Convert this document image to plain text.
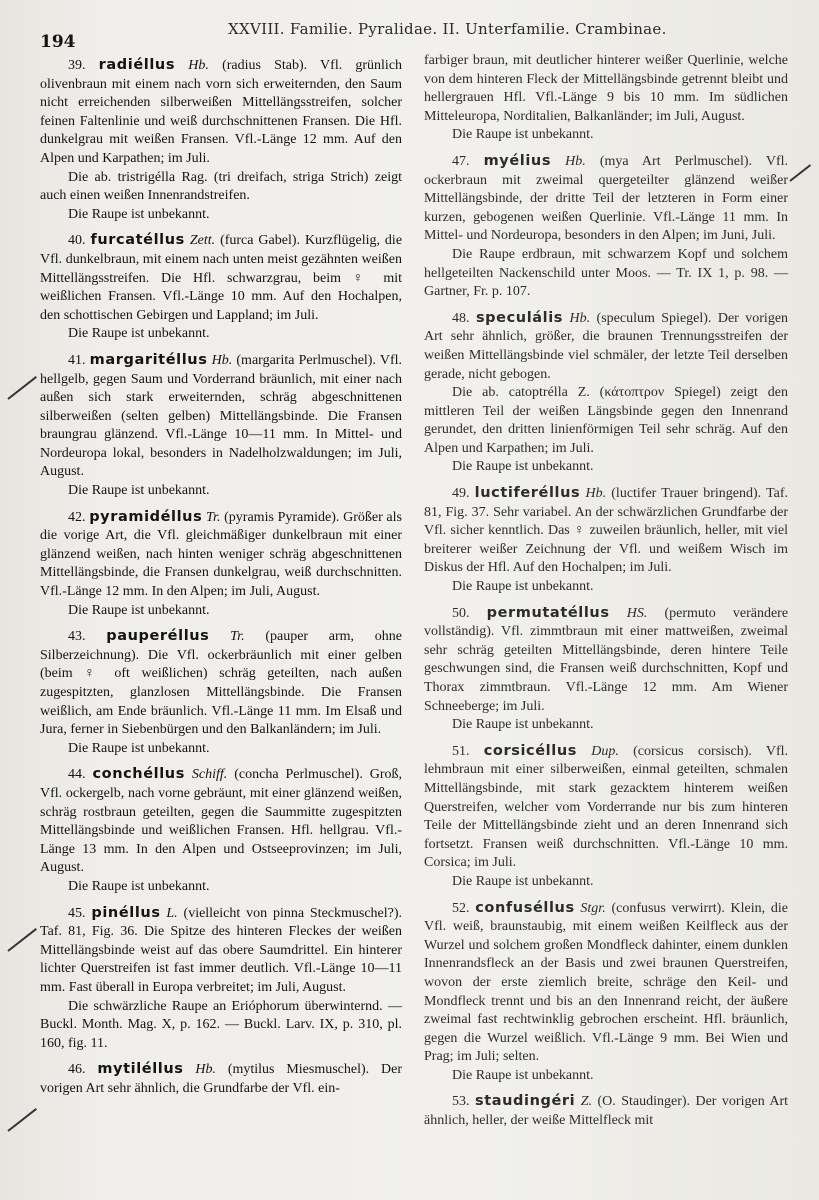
194
XXVIII. Familie. Pyralidae. II. Unterfamilie. Crambinae.

39. radiéllus Hb. (radius Stab). Vfl. grünlich olivenbraun mit einem nach vorn sich erweiternden, den Saum nicht erreichenden silberweißen Mittellängsstreifen, solcher feinen Faltenlinie und weiß durchschnittenen Fransen. Die Hfl. dunkelgrau mit weißen Fransen. Vfl.-Länge 12 mm. Auf den Alpen und Karpathen; im Juli.

Die ab. tristrigélla Rag. (tri dreifach, striga Strich) zeigt auch einen weißen Innenrandstreifen.

Die Raupe ist unbekannt.

40. furcatéllus Zett. (furca Gabel). Kurzflügelig, die Vfl. dunkelbraun, mit einem nach unten meist gezähnten weißen Mittellängsstreifen. Die Hfl. schwarzgrau, beim ♀ mit weißlichen Fransen. Vfl.-Länge 10 mm. Auf den Hochalpen, den schottischen Gebirgen und Lappland; im Juli.

Die Raupe ist unbekannt.

41. margaritéllus Hb. (margarita Perlmuschel). Vfl. hellgelb, gegen Saum und Vorderrand bräunlich, mit einer nach außen sich stark erweiternden, schräg abgeschnittenen silberweißen (selten gelben) Mittellängsbinde. Die Fransen braungrau glänzend. Vfl.-Länge 10—11 mm. In Mittel- und Nordeuropa lokal, besonders in Nadelholzwaldungen; im Juli, August.

Die Raupe ist unbekannt.

42. pyramidéllus Tr. (pyramis Pyramide). Größer als die vorige Art, die Vfl. gleichmäßiger dunkelbraun mit einer glänzend weißen, nach hinten weniger schräg abgeschnittenen Mittellängsbinde, die Fransen dunkelgrau, weiß durchschnitten. Vfl.-Länge 12 mm. In den Alpen; im Juli, August.

Die Raupe ist unbekannt.

43. pauperéllus Tr. (pauper arm, ohne Silberzeichnung). Die Vfl. ockerbräunlich mit einer gelben (beim ♀ oft weißlichen) schräg geteilten, nach außen zugespitzten, glanzlosen Mittellängsbinde. Die Fransen weißlich, am Ende bräunlich. Vfl.-Länge 11 mm. Im Elsaß und Jura, ferner in Siebenbürgen und den Balkanländern; im Juli.

Die Raupe ist unbekannt.

44. conchéllus Schiff. (concha Perlmuschel). Groß, Vfl. ockergelb, nach vorne gebräunt, mit einer glänzend weißen, schräg rostbraun geteilten, gegen die Saummitte zugespitzten Mittellängsbinde und weißlichen Fransen. Hfl. hellgrau. Vfl.-Länge 13 mm. In den Alpen und Ostseeprovinzen; im Juli, August.

Die Raupe ist unbekannt.

45. pinéllus L. (vielleicht von pinna Steckmuschel?). Taf. 81, Fig. 36. Die Spitze des hinteren Fleckes der weißen Mittellängsbinde weist auf das obere Saumdrittel. Ein hinterer lichter Querstreifen ist fast immer deutlich. Vfl.-Länge 10—11 mm. Fast überall in Europa verbreitet; im Juli, August.

Die schwärzliche Raupe an Erióphorum überwinternd. — Buckl. Month. Mag. X, p. 162. — Buckl. Larv. IX, p. 310, pl. 160, fig. 11.

46. mytiléllus Hb. (mytilus Miesmuschel). Der vorigen Art sehr ähnlich, die Grundfarbe der Vfl. ein-

farbiger braun, mit deutlicher hinterer weißer Querlinie, welche von dem hinteren Fleck der Mittellängsbinde getrennt bleibt und hellergrauen Hfl. Vfl.-Länge 9 bis 10 mm. Im südlichen Mitteleuropa, Norditalien, Balkanländer; im Juli, August.

Die Raupe ist unbekannt.

47. myélius Hb. (mya Art Perlmuschel). Vfl. ockerbraun mit zweimal quergeteilter glänzend weißer Mittellängsbinde, der dritte Teil der letzteren in Form einer kurzen, gebogenen weißen Querlinie. Vfl.-Länge 11 mm. In Mittel- und Nordeuropa, besonders in den Alpen; im Juni, Juli.

Die Raupe erdbraun, mit schwarzem Kopf und solchem hellgeteilten Nackenschild unter Moos. — Tr. IX 1, p. 98. — Gartner, Fr. p. 107.

48. speculális Hb. (speculum Spiegel). Der vorigen Art sehr ähnlich, größer, die braunen Trennungsstreifen der weißen Mittellängsbinde viel schmäler, der letzte Teil derselben gerade, nicht gebogen.

Die ab. catoptrélla Z. (κάτοπτρον Spiegel) zeigt den mittleren Teil der weißen Längsbinde gegen den Innenrand gerundet, den dritten linienförmigen Teil sehr schräg. Auf den Alpen und Karpathen; im Juli.

Die Raupe ist unbekannt.

49. luctiferéllus Hb. (luctifer Trauer bringend). Taf. 81, Fig. 37. Sehr variabel. An der schwärzlichen Grundfarbe der Vfl. sicher kenntlich. Das ♀ zuweilen bräunlich, heller, mit viel breiterer weißer Zeichnung der Vfl. und weißem Wisch im Diskus der Hfl. Auf den Hochalpen; im Juli.

Die Raupe ist unbekannt.

50. permutatéllus HS. (permuto verändere vollständig). Vfl. zimmtbraun mit einer mattweißen, zweimal sehr schräg geteilten Mittellängsbinde, deren hintere Teile geschwungen sind, die Fransen weiß durchschnitten, Kopf und Thorax zimmtbraun. Vfl.-Länge 12 mm. Am Wiener Schneeberge; im Juli.

Die Raupe ist unbekannt.

51. corsicéllus Dup. (corsicus corsisch). Vfl. lehmbraun mit einer silberweißen, einmal geteilten, schmalen Mittellängsbinde, mit stark gezacktem hinterem weißen Querstreifen, welcher vom Vorderrande nur bis zum hinteren Teile der Mittellängsbinde zieht und an deren Innenrand sich fortsetzt. Fransen weiß durchschnitten. Vfl.-Länge 10 mm. Corsica; im Juli.

Die Raupe ist unbekannt.

52. confuséllus Stgr. (confusus verwirrt). Klein, die Vfl. weiß, braunstaubig, mit einem weißen Keilfleck aus der Wurzel und solchem großen Mondfleck dahinter, einem dunklen Innenrandsfleck an der Basis und zwei braunen Querstreifen, wovon der erste ziemlich breite, schräge den Keil- und Mondfleck trennt und bis an den Innenrand reicht, der äußere zweimal fast rechtwinklig gebrochen erscheint. Hfl. bräunlich, gegen die Wurzel weißlich. Vfl.-Länge 9 mm. Bei Wien und Prag; im Juli; selten.

Die Raupe ist unbekannt.

53. staudingéri Z. (O. Staudinger). Der vorigen Art ähnlich, heller, der weiße Mittelfleck mit
